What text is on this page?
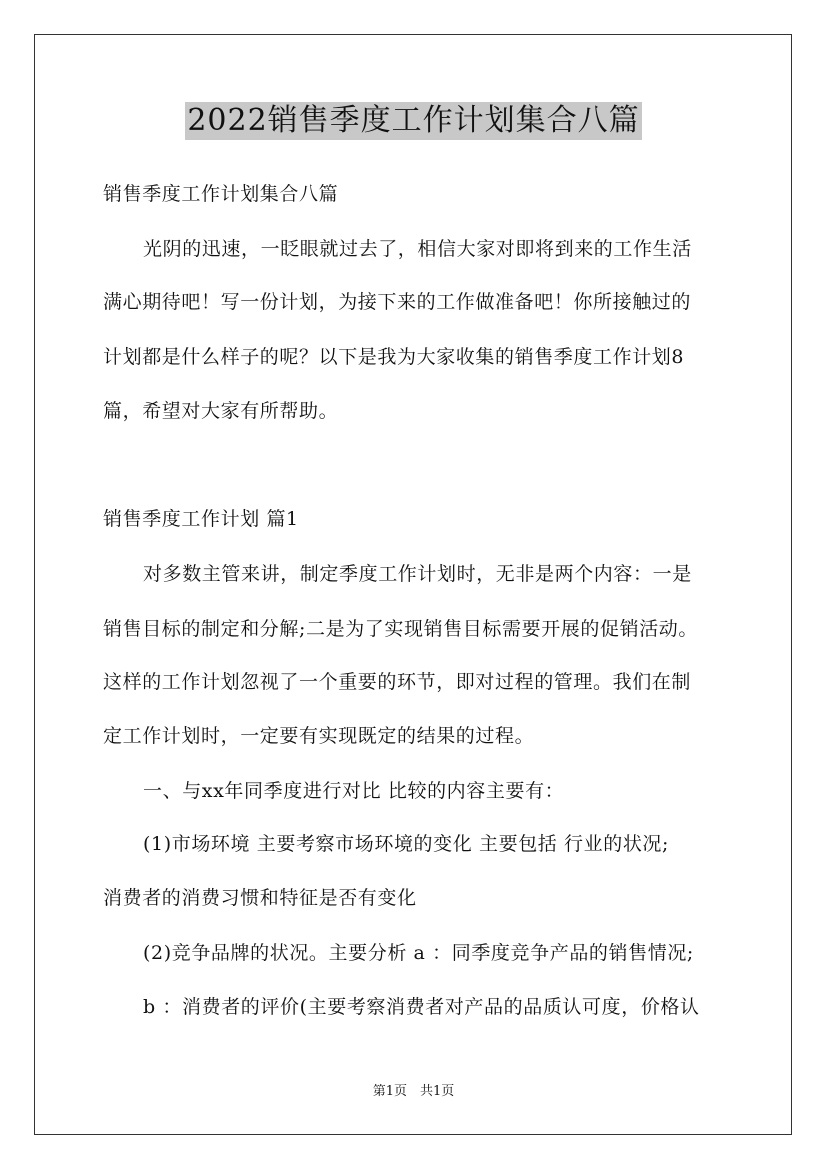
2022销售季度工作计划集合八篇
销售季度工作计划集合八篇
光阴的迅速，一眨眼就过去了，相信大家对即将到来的工作生活
满心期待吧！写一份计划，为接下来的工作做准备吧！你所接触过的
计划都是什么样子的呢？以下是我为大家收集的销售季度工作计划8
篇，希望对大家有所帮助。
销售季度工作计划 篇1
对多数主管来讲，制定季度工作计划时，无非是两个内容：一是
销售目标的制定和分解;二是为了实现销售目标需要开展的促销活动。
这样的工作计划忽视了一个重要的环节，即对过程的管理。我们在制
定工作计划时，一定要有实现既定的结果的过程。
一、与xx年同季度进行对比 比较的内容主要有：
(1)市场环境 主要考察市场环境的变化 主要包括 行业的状况;
消费者的消费习惯和特征是否有变化
(2)竞争品牌的状况。主要分析 a ：同季度竞争产品的销售情况;
b ：消费者的评价(主要考察消费者对产品的品质认可度，价格认
第1页　共1页
